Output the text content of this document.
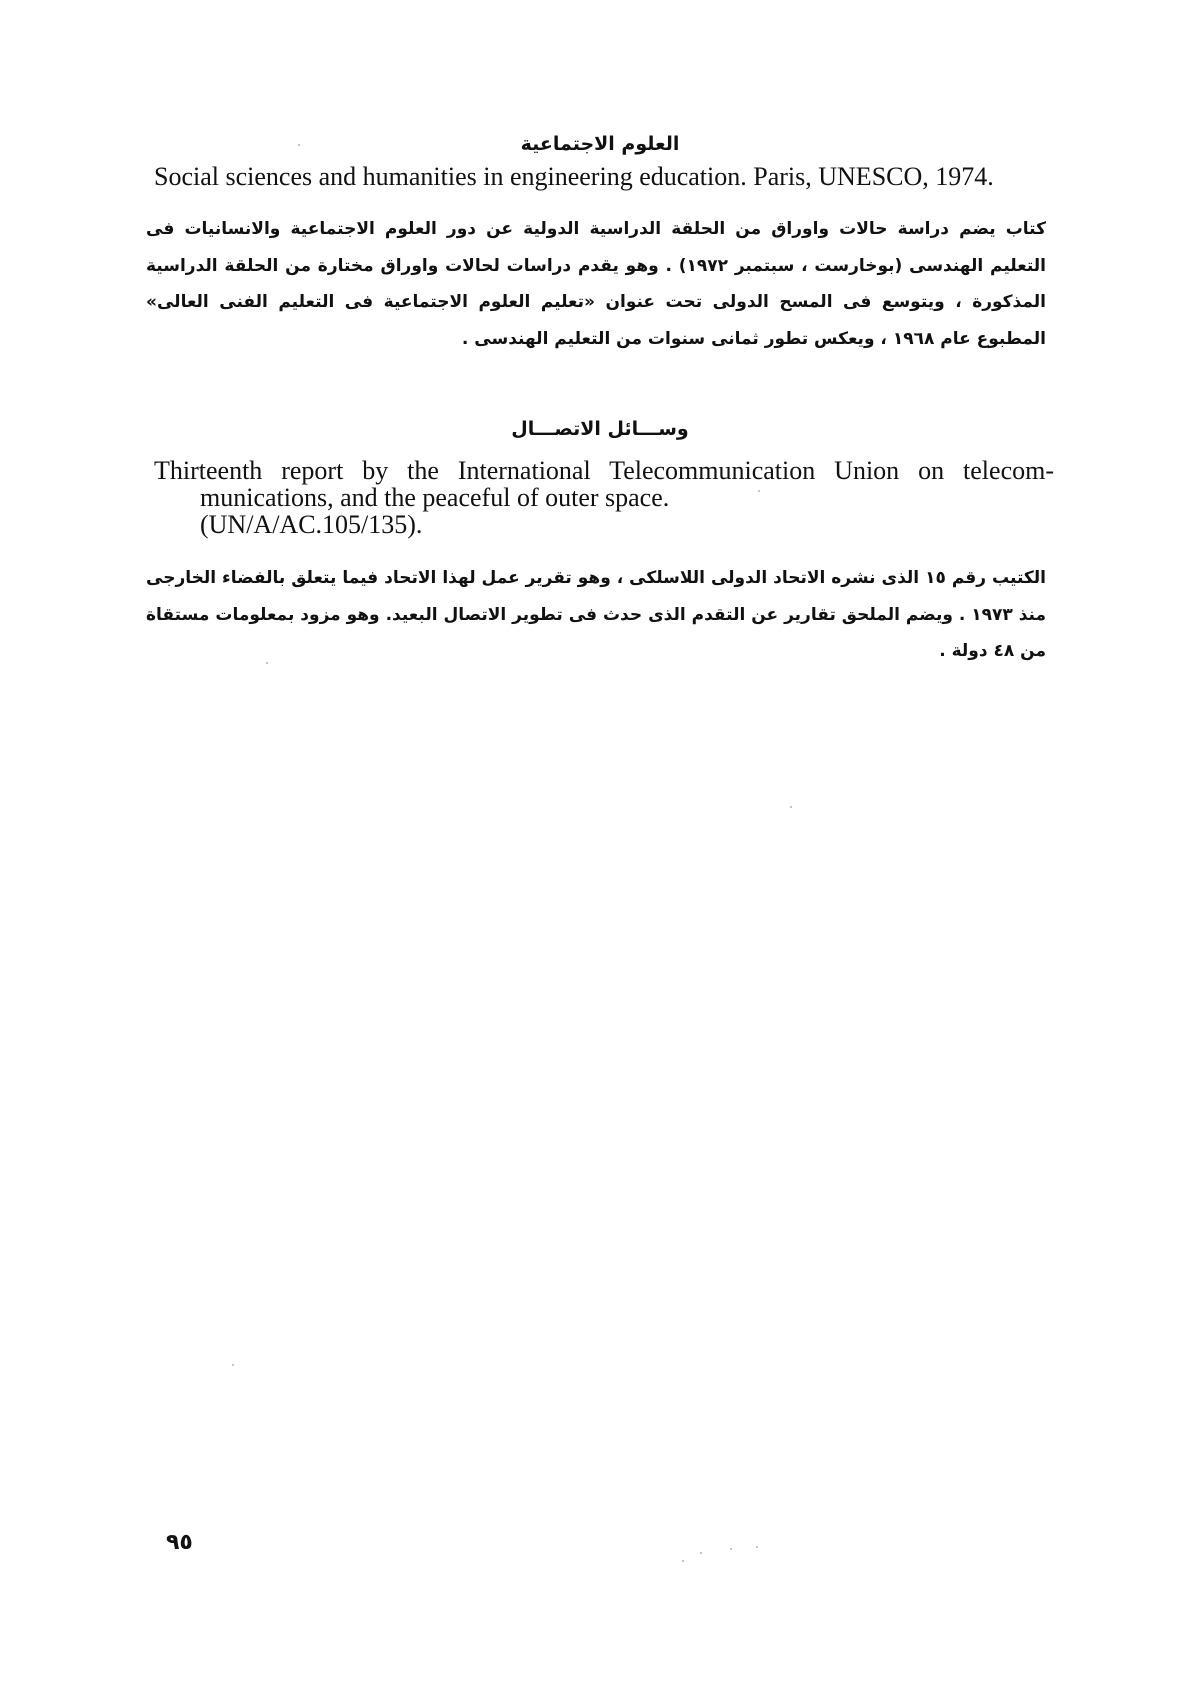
العلوم الاجتماعية
Social sciences and humanities in engineering education. Paris, UNESCO, 1974.
كتاب يضم دراسة حالات واوراق من الحلقة الدراسية الدولية عن دور العلوم الاجتماعية والانسانيات فى التعليم الهندسى (بوخارست ، سبتمبر ١٩٧٢) . وهو يقدم دراسات لحالات واوراق مختارة من الحلقة الدراسية المذكورة ، ويتوسع فى المسح الدولى تحت عنوان «تعليم العلوم الاجتماعية فى التعليم الفنى العالى» المطبوع عام ١٩٦٨ ، ويعكس تطور ثمانى سنوات من التعليم الهندسى .
وســـائل الاتصـــال
Thirteenth report by the International Telecommunication Union on telecom-
munications, and the peaceful of outer space.
(UN/A/AC.105/135).
الكتيب رقم ١٥ الذى نشره الاتحاد الدولى اللاسلكى ، وهو تقرير عمل لهذا الاتحاد فيما يتعلق بالفضاء الخارجى منذ ١٩٧٣ . ويضم الملحق تقارير عن التقدم الذى حدث فى تطوير الاتصال البعيد. وهو مزود بمعلومات مستقاة من ٤٨ دولة .
٩٥
